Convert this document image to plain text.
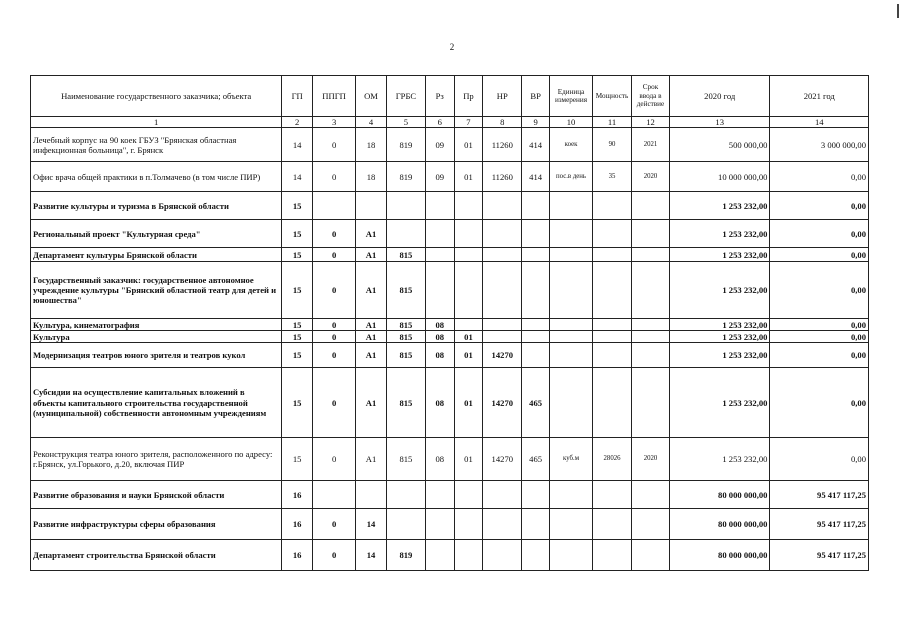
2
Наименование государственного заказчика; объекта	ГП	ППГП	ОМ	ГРБС	Рз	Пр	НР	ВР	Единица измерения	Мощность	Срок ввода в действие	2020 год	2021 год
1	2	3	4	5	6	7	8	9	10	11	12	13	14
Лечебный корпус на 90 коек ГБУЗ "Брянская областная инфекционная больница", г. Брянск	14	0	18	819	09	01	11260	414	коек	90	2021	500 000,00	3 000 000,00
Офис врача общей практики в п.Толмачево (в том числе ПИР)	14	0	18	819	09	01	11260	414	пос.в день	35	2020	10 000 000,00	0,00
Развитие культуры и туризма в Брянской области	15											1 253 232,00	0,00
Региональный проект "Культурная среда"	15	0	А1									1 253 232,00	0,00
Департамент культуры Брянской области	15	0	А1	815								1 253 232,00	0,00
Государственный заказчик: государственное автономное учреждение культуры "Брянский областной театр для детей и юношества"	15	0	А1	815								1 253 232,00	0,00
Культура, кинематография	15	0	А1	815	08							1 253 232,00	0,00
Культура	15	0	А1	815	08	01						1 253 232,00	0,00
Модернизация театров юного зрителя и театров кукол	15	0	А1	815	08	01	14270					1 253 232,00	0,00
Субсидии на осуществление капитальных вложений в объекты капитального строительства государственной (муниципальной) собственности автономным учреждениям	15	0	А1	815	08	01	14270	465				1 253 232,00	0,00
Реконструкция театра юного зрителя, расположенного по адресу: г.Брянск, ул.Горького, д.20, включая ПИР	15	0	А1	815	08	01	14270	465	куб.м	28026	2020	1 253 232,00	0,00
Развитие образования и науки Брянской области	16											80 000 000,00	95 417 117,25
Развитие инфраструктуры сферы образования	16	0	14									80 000 000,00	95 417 117,25
Департамент строительства Брянской области	16	0	14	819								80 000 000,00	95 417 117,25
